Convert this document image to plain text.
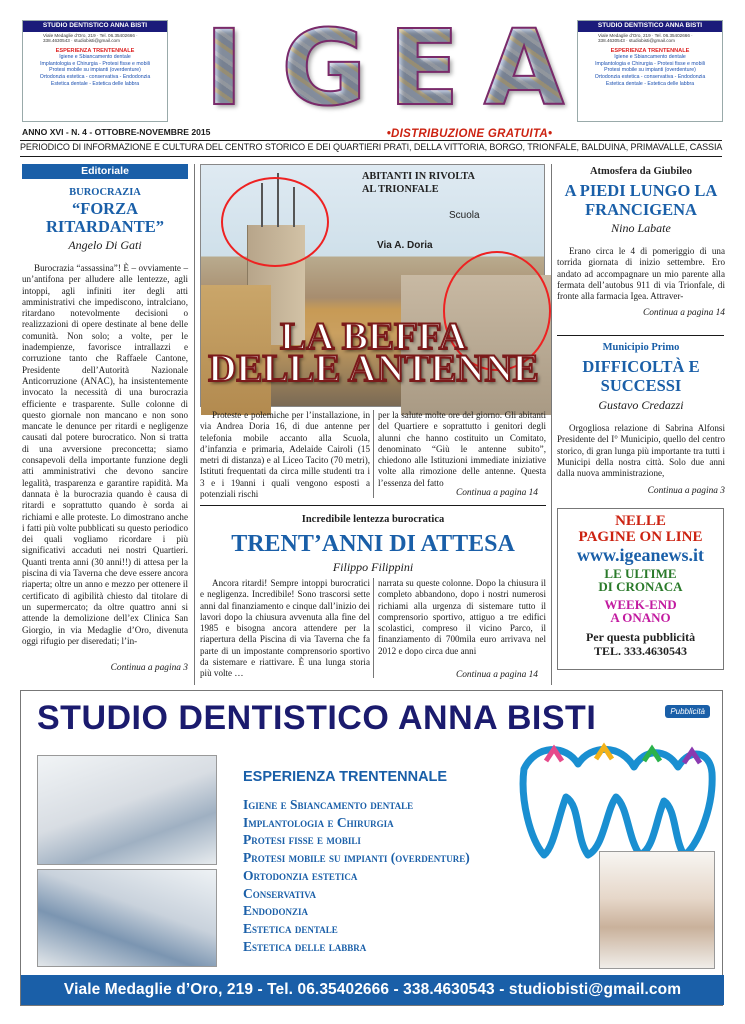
STUDIO DENTISTICO ANNA BISTI
Viale Medaglie d'Oro, 219 · Tel. 06.35402666 · 338.4630543 · studiobisti@gmail.com
ESPERIENZA TRENTENNALE
Igiene e Sbiancamento dentale
Implantologia e Chirurgia - Protesi fisse e mobili
Protesi mobile su impianti (overdenture)
Ortodonzia estetica - conservativa - Endodonzia
Estetica dentale - Estetica delle labbra
STUDIO DENTISTICO ANNA BISTI
Viale Medaglie d'Oro, 219 · Tel. 06.35402666 · 338.4630543 · studiobisti@gmail.com
ESPERIENZA TRENTENNALE
Igiene e Sbiancamento dentale
Implantologia e Chirurgia - Protesi fisse e mobili
Protesi mobile su impianti (overdenture)
Ortodonzia estetica - conservativa - Endodonzia
Estetica dentale - Estetica delle labbra
I G E A
ANNO XVI - N. 4 - OTTOBRE-NOVEMBRE 2015	•DISTRIBUZIONE GRATUITA•
PERIODICO DI INFORMAZIONE E CULTURA DEL CENTRO STORICO E DEI QUARTIERI PRATI, DELLA VITTORIA, BORGO, TRIONFALE, BALDUINA, PRIMAVALLE, CASSIA
Editoriale
BUROCRAZIA
“FORZA RITARDANTE”
Angelo Di Gati
Burocrazia “assassina”! È – ovviamente – un’antifona per alludere alle lentezze, agli intoppi, agli infiniti iter degli atti amministrativi che impediscono, intralciano, ritardano notevolmente decisioni o realizzazioni di opere destinate al bene delle comunità. Non solo; a volte, per le inadempienze, favorisce intrallazzi e corruzione tanto che Raffaele Cantone, Presidente dell’Autorità Nazionale Anticorruzione (ANAC), ha insistentemente invocato la necessità di una burocrazia efficiente e trasparente. Sulle colonne di questo giornale non mancano e non sono mancate le denunce per ritardi e negligenze causati dal potere burocratico. Non si tratta di una avversione preconcetta; siamo consapevoli della importante funzione degli atti amministrativi che devono sancire legalità, trasparenza e garantire rapidità. Ma dannata è la burocrazia quando è causa di ritardi e soprattutto quando è sorda ai richiami e alle proteste. Lo dimostrano anche i fatti più volte pubblicati su questo periodico dei quali vogliamo ricordare i più significativi accaduti nei nostri Quartieri. Quanti trenta anni (30 anni!!) di attesa per la piscina di via Taverna che deve essere ancora riaperta; oltre un anno e mezzo per ottenere il certificato di agibilità chiesto dal titolare di un supermercato; da oltre quattro anni si attende la demolizione dell’ex Clinica San Giorgio, in via Medaglie d’Oro, divenuta oggi rifugio per diseredati; l’in-
Continua a pagina 3
Scuola
Via A. Doria
LA BEFFA
DELLE ANTENNE
ABITANTI IN RIVOLTA
AL TRIONFALE
Proteste e polemiche per l’installazione, in via Andrea Doria 16, di due antenne per telefonia mobile accanto alla Scuola, d’infanzia e primaria, Adelaide Cairoli (15 metri di distanza) e al Liceo Tacito (70 metri), Istituti frequentati da circa mille studenti tra i 3 e i 19anni i quali vengono esposti a potenziali rischi
per la salute molte ore del giorno. Gli abitanti del Quartiere e soprattutto i genitori degli alunni che hanno costituito un Comitato, denominato “Giù le antenne subito”, chiedono alle Istituzioni immediate iniziative volte alla rimozione delle antenne. Questa l’essenza del fatto
Continua a pagina 14
Incredibile lentezza burocratica
TRENT’ANNI DI ATTESA
Filippo Filippini
Ancora ritardi! Sempre intoppi burocratici e negligenza. Incredibile! Sono trascorsi sette anni dal finanziamento e cinque dall’inizio dei lavori dopo la chiusura avvenuta alla fine del 1985 e bisogna ancora attendere per la riapertura della Piscina di via Taverna che fa parte di un impostante comprensorio sportivo da sistemare e riattivare. È una lunga storia più volte …
narrata su queste colonne. Dopo la chiusura il completo abbandono, dopo i nostri numerosi richiami alla urgenza di sistemare tutto il comprensorio sportivo, attiguo a tre edifici scolastici, compreso il vicino Parco, il finanziamento di 700mila euro arrivava nel 2012 e dopo circa due anni
Continua a pagina 14
Atmosfera da Giubileo
A PIEDI LUNGO LA FRANCIGENA
Nino Labate
Erano circa le 4 di pomeriggio di una torrida giornata di inizio settembre. Ero andato ad accompagnare un mio parente alla fermata dell’autobus 911 di via Trionfale, di fronte alla farmacia Igea. Attraver-
Continua a pagina 14
Municipio Primo
DIFFICOLTÀ E SUCCESSI
Gustavo Credazzi
Orgogliosa relazione di Sabrina Alfonsi Presidente del I° Municipio, quello del centro storico, di gran lunga più importante tra tutti i Municipi della nostra città. Solo due anni dalla nuova amministrazione,
Continua a pagina 3
NELLE
PAGINE ON LINE
www.igeanews.it
LE ULTIME
DI CRONACA
WEEK-END
A ONANO
Per questa pubblicità
TEL. 333.4630543
STUDIO DENTISTICO ANNA BISTI	Pubblicità
ESPERIENZA TRENTENNALE
Igiene e Sbiancamento dentale
Implantologia e Chirurgia
Protesi fisse e mobili
Protesi mobile su impianti (overdenture)
Ortodonzia estetica
Conservativa
Endodonzia
Estetica dentale
Estetica delle labbra
Viale Medaglie d’Oro, 219 - Tel. 06.35402666 - 338.4630543 - studiobisti@gmail.com
